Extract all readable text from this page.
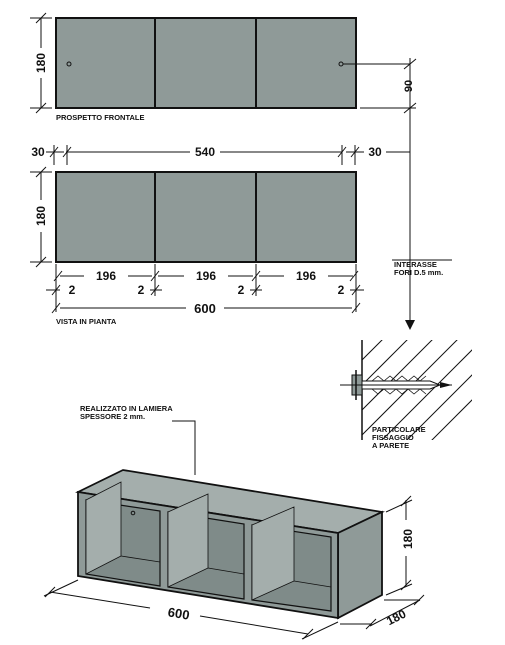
180
PROSPETTO FRONTALE
90
30	540	30
180
196	196	196
2	2	2	2
600
VISTA IN PIANTA
INTERASSE
FORI D.5 mm.
PARTICOLARE
FISSAGGIO
A PARETE
REALIZZATO IN LAMIERA
SPESSORE 2 mm.
600
180
180
